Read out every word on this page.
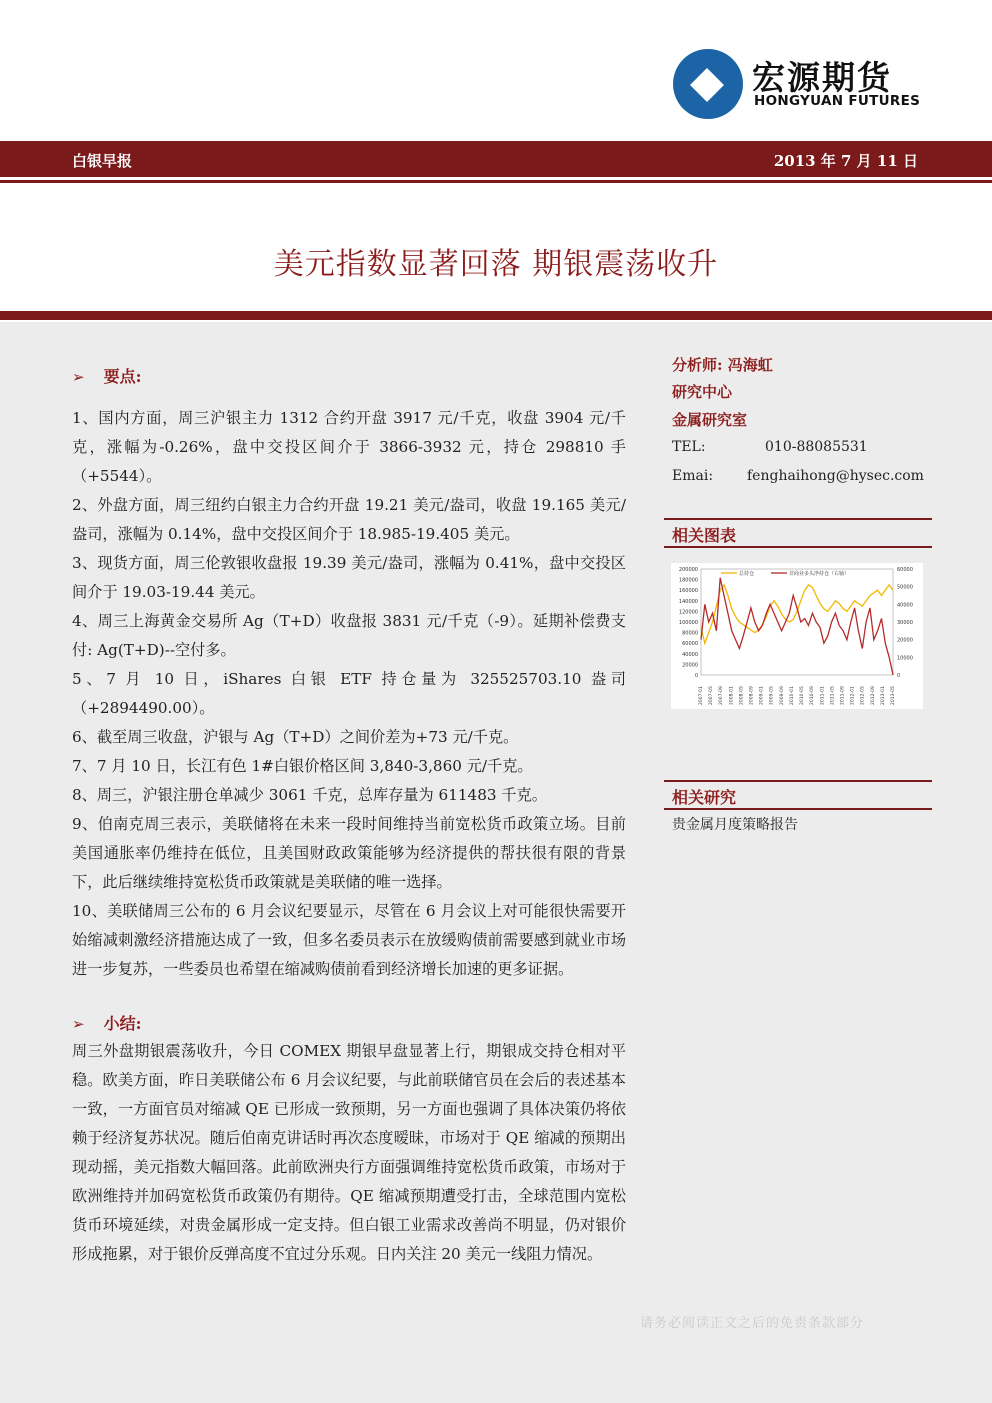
宏源期货
HONGYUAN FUTURES
白银早报	2013 年 7 月 11 日
美元指数显著回落 期银震荡收升
➢ 要点:

1、国内方面，周三沪银主力 1312 合约开盘 3917 元/千克，收盘 3904 元/千克，涨幅为-0.26%，盘中交投区间介于 3866-3932 元，持仓 298810 手（+5544）。

2、外盘方面，周三纽约白银主力合约开盘 19.21 美元/盎司，收盘 19.165 美元/盎司，涨幅为 0.14%，盘中交投区间介于 18.985-19.405 美元。

3、现货方面，周三伦敦银收盘报 19.39 美元/盎司，涨幅为 0.41%，盘中交投区间介于 19.03-19.44 美元。

4、周三上海黄金交易所 Ag（T+D）收盘报 3831 元/千克（-9）。延期补偿费支付: Ag(T+D)--空付多。

5、7 月 10 日，iShares 白银 ETF 持仓量为 325525703.10 盎司（+2894490.00）。

6、截至周三收盘，沪银与 Ag（T+D）之间价差为+73 元/千克。

7、7 月 10 日，长江有色 1#白银价格区间 3,840-3,860 元/千克。

8、周三，沪银注册仓单减少 3061 千克，总库存量为 611483 千克。

9、伯南克周三表示，美联储将在未来一段时间维持当前宽松货币政策立场。目前美国通胀率仍维持在低位，且美国财政政策能够为经济提供的帮扶很有限的背景下，此后继续维持宽松货币政策就是美联储的唯一选择。

10、美联储周三公布的 6 月会议纪要显示，尽管在 6 月会议上对可能很快需要开始缩减刺激经济措施达成了一致，但多名委员表示在放缓购债前需要感到就业市场进一步复苏，一些委员也希望在缩减购债前看到经济增长加速的更多证据。

➢ 小结:
周三外盘期银震荡收升，今日 COMEX 期银早盘显著上行，期银成交持仓相对平稳。欧美方面，昨日美联储公布 6 月会议纪要，与此前联储官员在会后的表述基本一致，一方面官员对缩减 QE 已形成一致预期，另一方面也强调了具体决策仍将依赖于经济复苏状况。随后伯南克讲话时再次态度暧昧，市场对于 QE 缩减的预期出现动摇，美元指数大幅回落。此前欧洲央行方面强调维持宽松货币政策，市场对于欧洲维持并加码宽松货币政策仍有期待。QE 缩减预期遭受打击，全球范围内宽松货币环境延续，对贵金属形成一定支持。但白银工业需求改善尚不明显，仍对银价形成拖累，对于银价反弹高度不宜过分乐观。日内关注 20 美元一线阻力情况。
分析师: 冯海虹
研究中心
金属研究室
TEL:	010-88085531
Emai: fenghaihong@hysec.com
相关图表
200000
180000
160000
140000
120000
100000
80000
60000
40000
20000
0
60000
50000
40000
30000
20000
10000
0
2007-01 2007-05 2007-09 2008-01 2008-05 2008-09 2009-01 2009-05 2009-09 2010-01 2010-05 2010-09 2011-01 2011-05 2011-09 2012-01 2012-05 2012-09 2013-01 2013-05
总持仓	非商业多头净持仓（右轴）
相关研究
贵金属月度策略报告
请务必阅读正文之后的免责条款部分
